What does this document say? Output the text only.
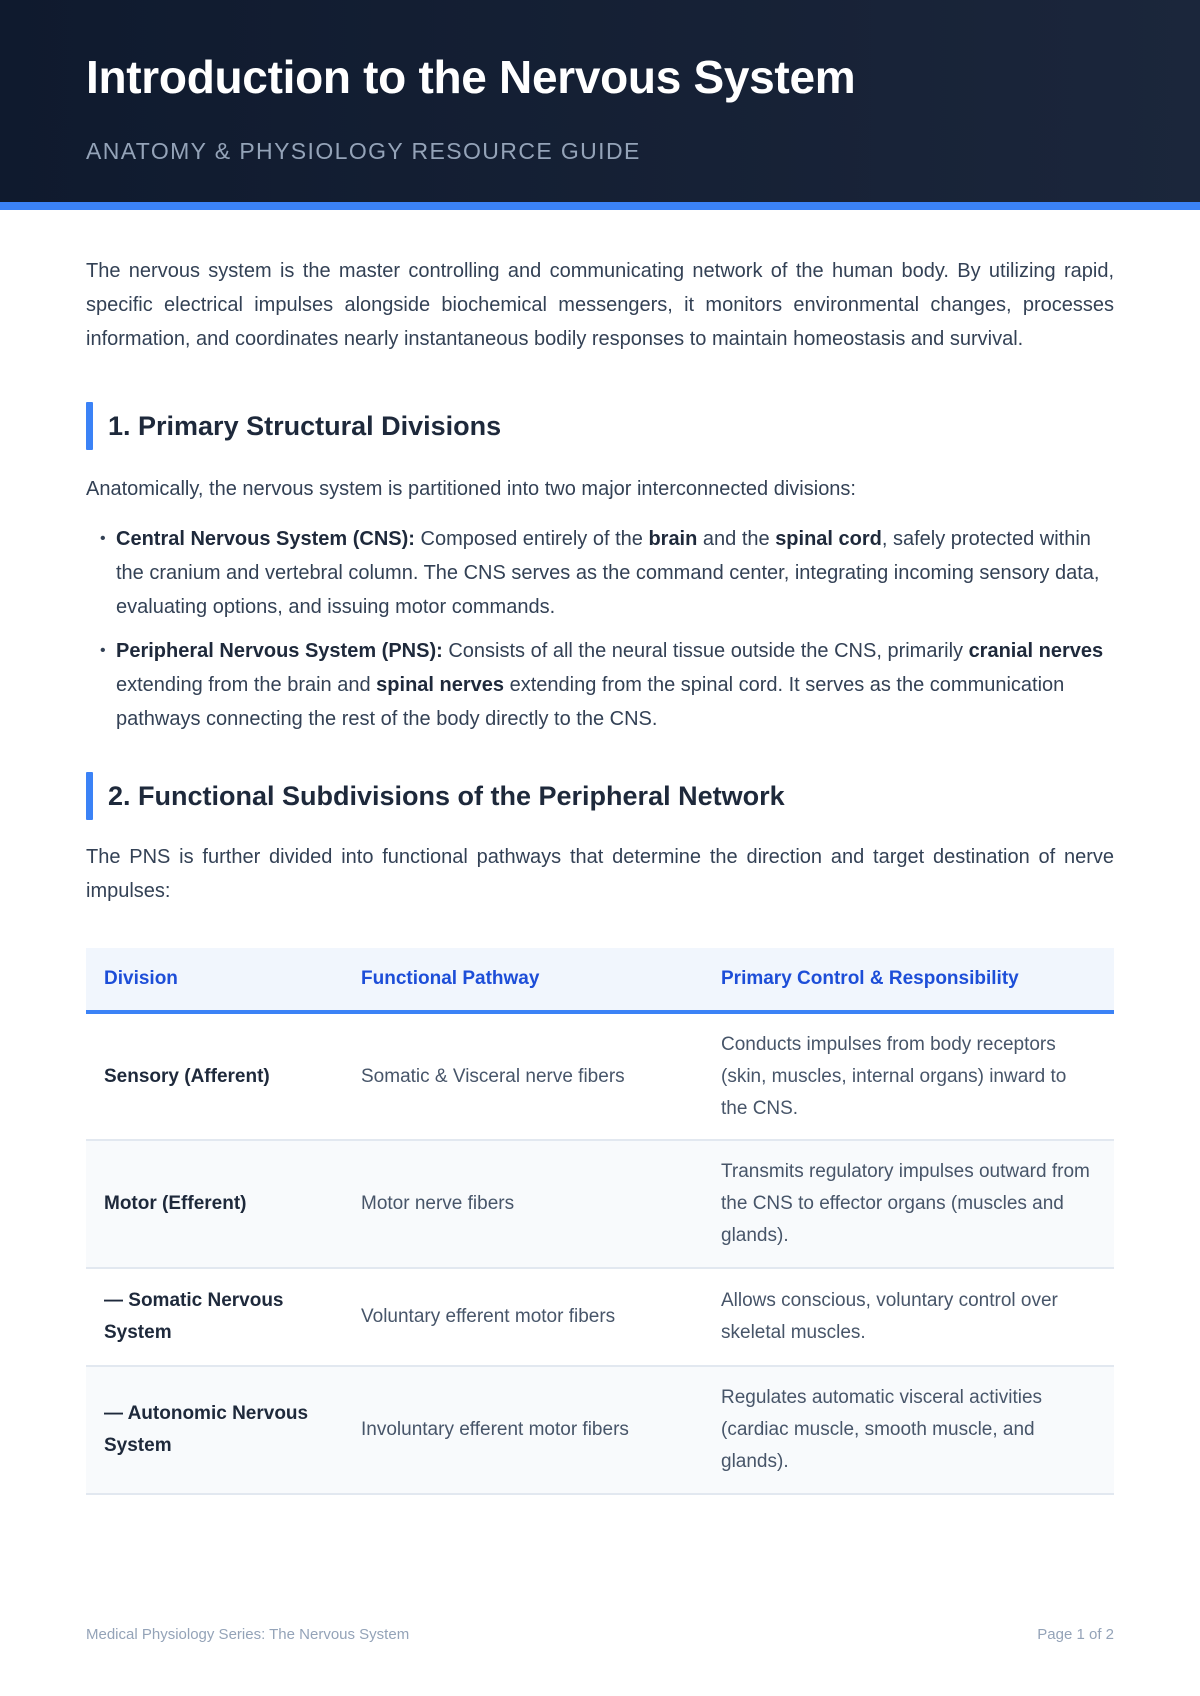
Introduction to the Nervous System
ANATOMY & PHYSIOLOGY RESOURCE GUIDE

The nervous system is the master controlling and communicating network of the human body. By utilizing rapid, specific electrical impulses alongside biochemical messengers, it monitors environmental changes, processes information, and coordinates nearly instantaneous bodily responses to maintain homeostasis and survival.

1. Primary Structural Divisions

Anatomically, the nervous system is partitioned into two major interconnected divisions:

• Central Nervous System (CNS): Composed entirely of the brain and the spinal cord, safely protected within the cranium and vertebral column. The CNS serves as the command center, integrating incoming sensory data, evaluating options, and issuing motor commands.
• Peripheral Nervous System (PNS): Consists of all the neural tissue outside the CNS, primarily cranial nerves extending from the brain and spinal nerves extending from the spinal cord. It serves as the communication pathways connecting the rest of the body directly to the CNS.
2. Functional Subdivisions of the Peripheral Network

The PNS is further divided into functional pathways that determine the direction and target destination of nerve impulses:

Division	Functional Pathway	Primary Control & Responsibility
Sensory (Afferent)	Somatic & Visceral nerve fibers	Conducts impulses from body receptors (skin, muscles, internal organs) inward to the CNS.
Motor (Efferent)	Motor nerve fibers	Transmits regulatory impulses outward from the CNS to effector organs (muscles and glands).
— Somatic Nervous System	Voluntary efferent motor fibers	Allows conscious, voluntary control over skeletal muscles.
— Autonomic Nervous System	Involuntary efferent motor fibers	Regulates automatic visceral activities (cardiac muscle, smooth muscle, and glands).
Medical Physiology Series: The Nervous System	Page 1 of 2
